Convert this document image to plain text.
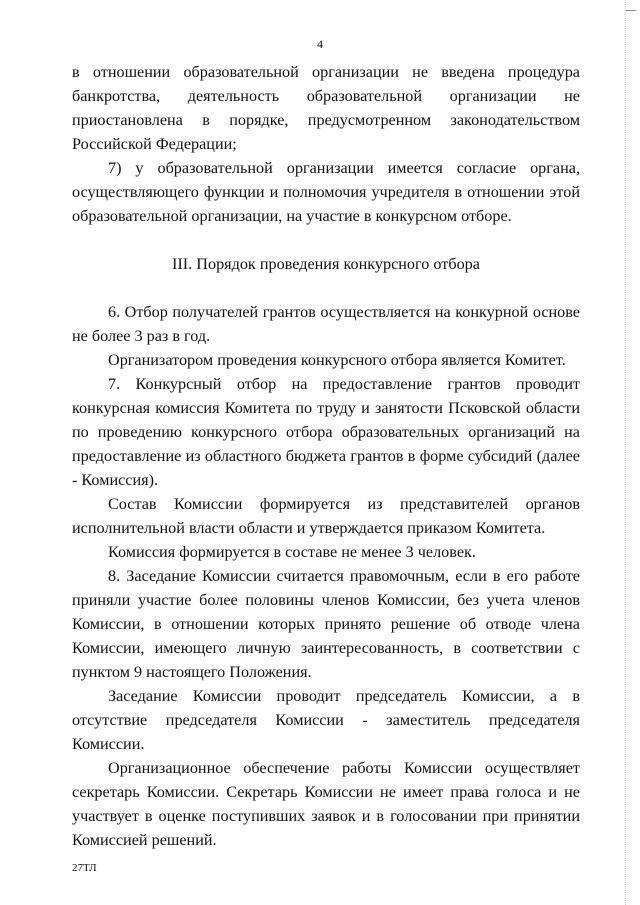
4

в отношении образовательной организации не введена процедура банкротства, деятельность образовательной организации не приостановлена в порядке, предусмотренном законодательством Российской Федерации;

7) у образовательной организации имеется согласие органа, осуществляющего функции и полномочия учредителя в отношении этой образовательной организации, на участие в конкурсном отборе.

III. Порядок проведения конкурсного отбора

6. Отбор получателей грантов осуществляется на конкурной основе не более 3 раз в год.

Организатором проведения конкурсного отбора является Комитет.

7. Конкурсный отбор на предоставление грантов проводит конкурсная комиссия Комитета по труду и занятости Псковской области по проведению конкурсного отбора образовательных организаций на предоставление из областного бюджета грантов в форме субсидий (далее - Комиссия).

Состав Комиссии формируется из представителей органов исполнительной власти области и утверждается приказом Комитета.

Комиссия формируется в составе не менее 3 человек.

8. Заседание Комиссии считается правомочным, если в его работе приняли участие более половины членов Комиссии, без учета членов Комиссии, в отношении которых принято решение об отводе члена Комиссии, имеющего личную заинтересованность, в соответствии с пунктом 9 настоящего Положения.

Заседание Комиссии проводит председатель Комиссии, а в отсутствие председателя Комиссии - заместитель председателя Комиссии.

Организационное обеспечение работы Комиссии осуществляет секретарь Комиссии. Секретарь Комиссии не имеет права голоса и не участвует в оценке поступивших заявок и в голосовании при принятии Комиссией решений.

27ТЛ
